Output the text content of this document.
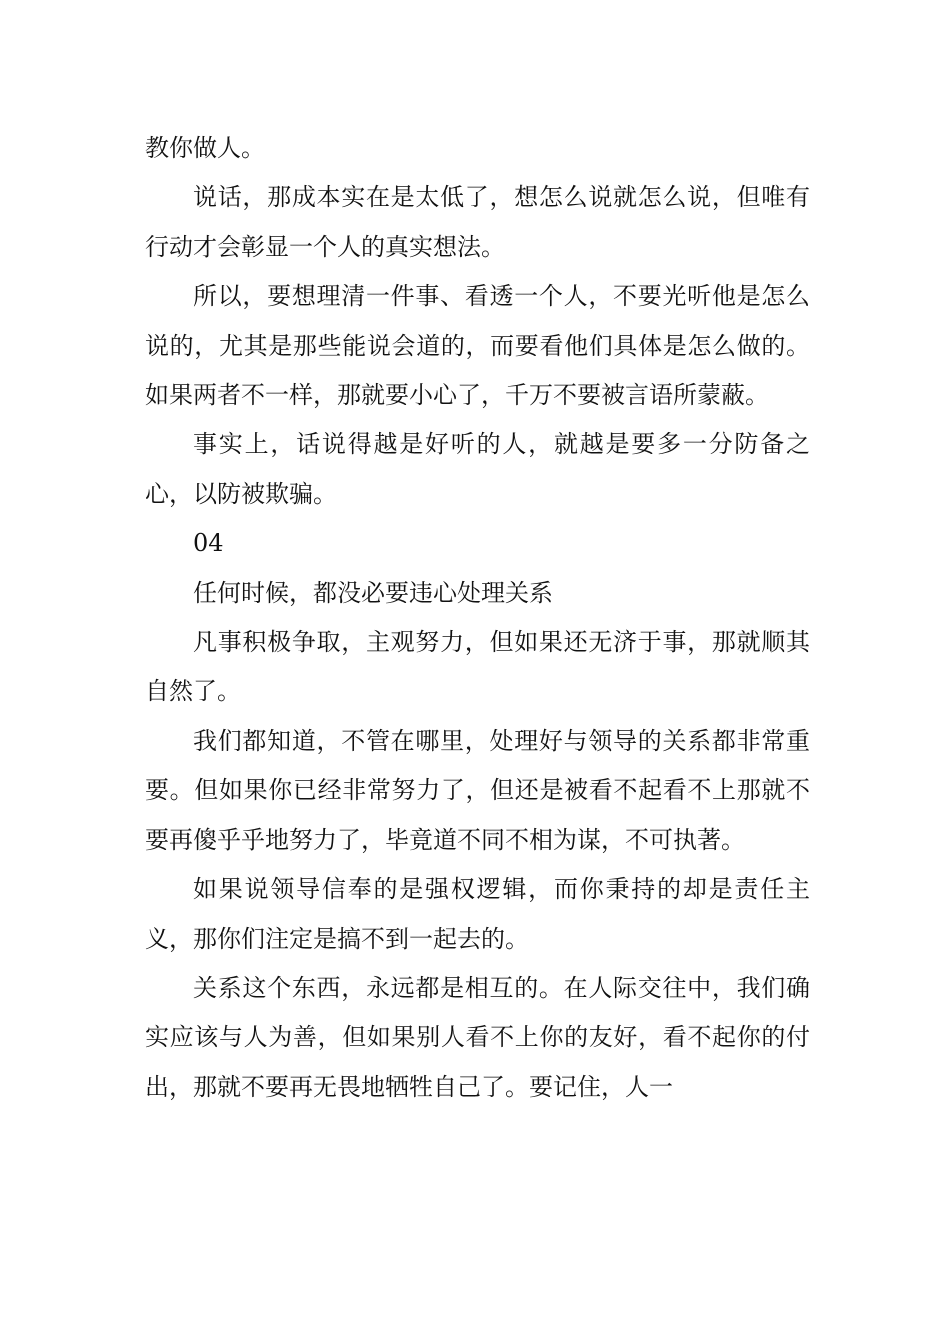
教你做人。

说话，那成本实在是太低了，想怎么说就怎么说，但唯有行动才会彰显一个人的真实想法。

所以，要想理清一件事、看透一个人，不要光听他是怎么说的，尤其是那些能说会道的，而要看他们具体是怎么做的。如果两者不一样，那就要小心了，千万不要被言语所蒙蔽。

事实上，话说得越是好听的人，就越是要多一分防备之心，以防被欺骗。

04

任何时候，都没必要违心处理关系

凡事积极争取，主观努力，但如果还无济于事，那就顺其自然了。

我们都知道，不管在哪里，处理好与领导的关系都非常重要。但如果你已经非常努力了，但还是被看不起看不上那就不要再傻乎乎地努力了，毕竟道不同不相为谋，不可执著。

如果说领导信奉的是强权逻辑，而你秉持的却是责任主义，那你们注定是搞不到一起去的。

关系这个东西，永远都是相互的。在人际交往中，我们确实应该与人为善，但如果别人看不上你的友好，看不起你的付出，那就不要再无畏地牺牲自己了。要记住，人一
